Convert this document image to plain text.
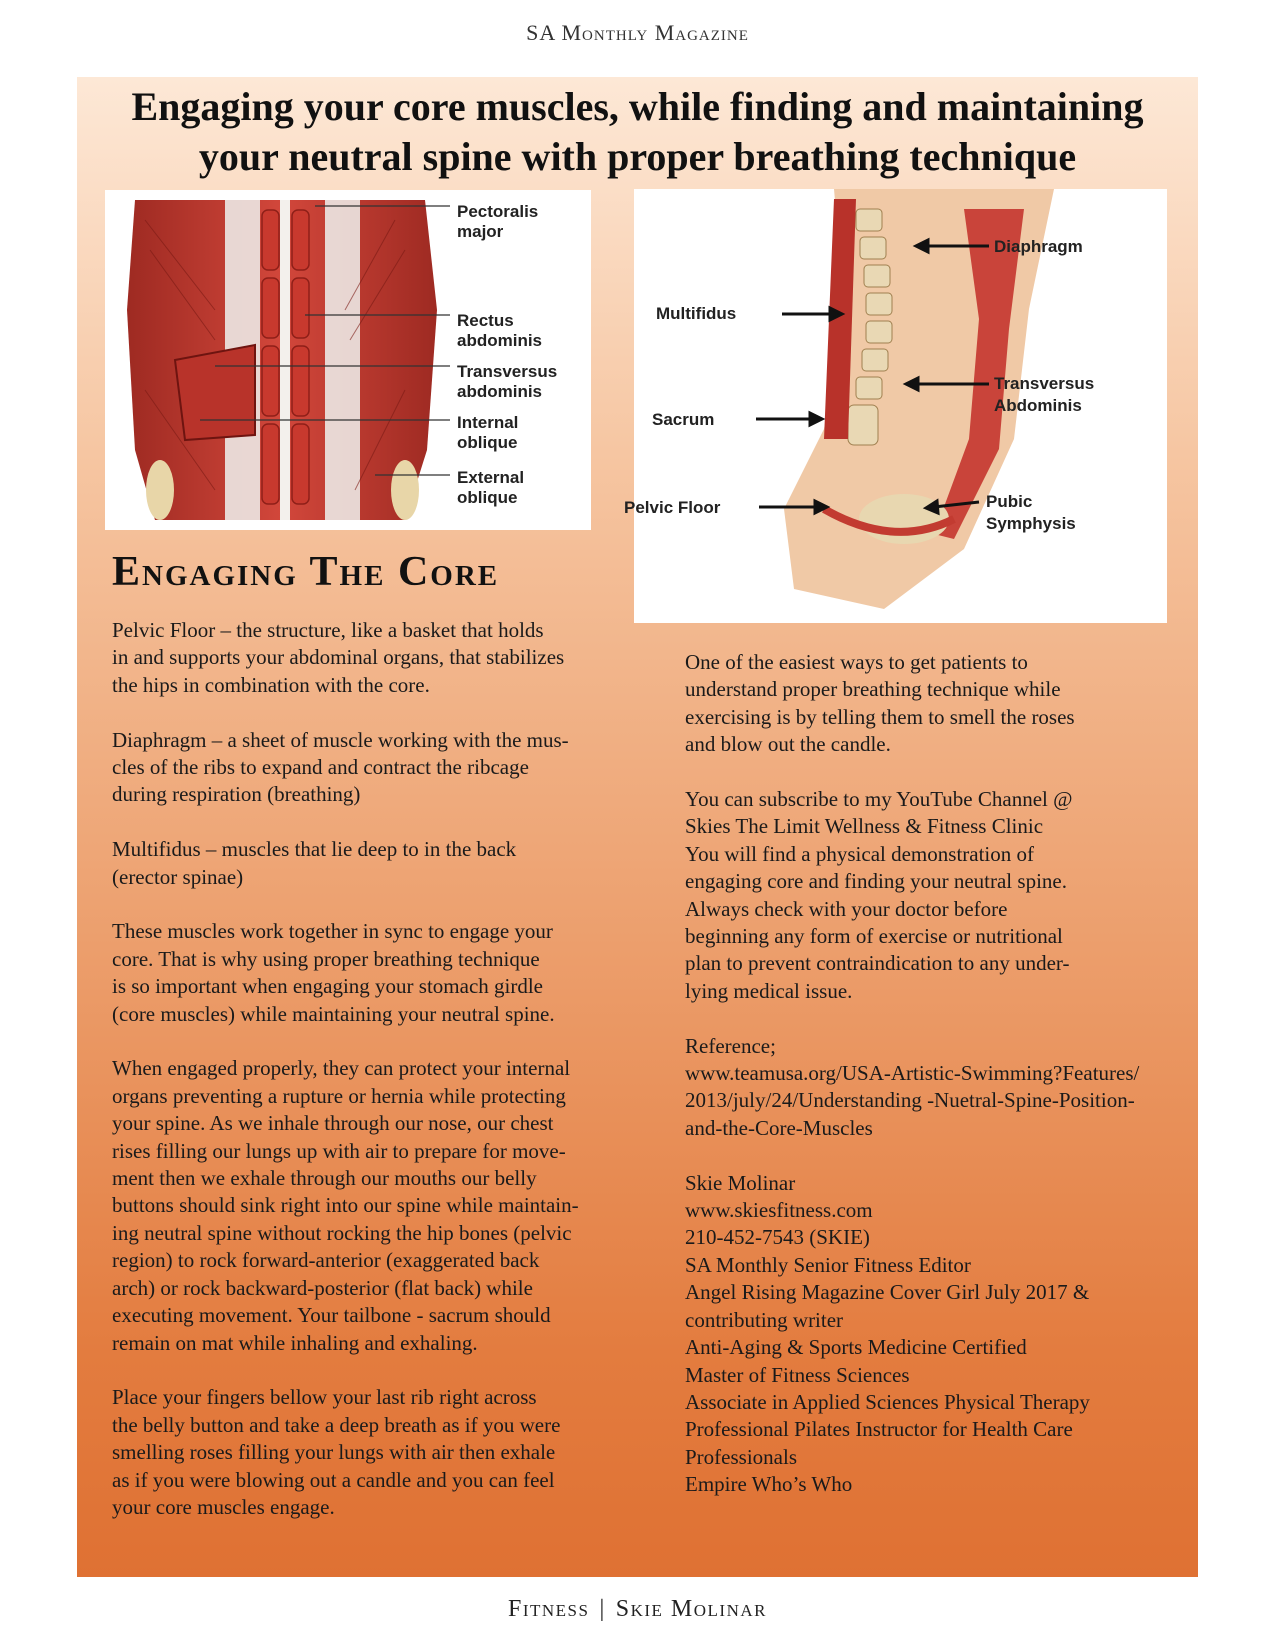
SA Monthly Magazine
Engaging your core muscles, while finding and maintaining
your neutral spine with proper breathing technique
Pectoralis major
Rectus abdominis
Transversus abdominis
Internal oblique
External oblique
Diaphragm
Multifidus
Transversus Abdominis
Sacrum
Pelvic Floor	Pubic Symphysis
Engaging The Core

Pelvic Floor – the structure, like a basket that holds
in and supports your abdominal organs, that stabilizes
the hips in combination with the core.

Diaphragm – a sheet of muscle working with the mus-
cles of the ribs to expand and contract the ribcage
during respiration (breathing)

Multifidus – muscles that lie deep to in the back
(erector spinae)

These muscles work together in sync to engage your
core. That is why using proper breathing technique
is so important when engaging your stomach girdle
(core muscles) while maintaining your neutral spine.

When engaged properly, they can protect your internal
organs preventing a rupture or hernia while protecting
your spine. As we inhale through our nose, our chest
rises filling our lungs up with air to prepare for move-
ment then we exhale through our mouths our belly
buttons should sink right into our spine while maintain-
ing neutral spine without rocking the hip bones (pelvic
region) to rock forward-anterior (exaggerated back
arch) or rock backward-posterior (flat back) while
executing movement. Your tailbone - sacrum should
remain on mat while inhaling and exhaling.

Place your fingers bellow your last rib right across
the belly button and take a deep breath as if you were
smelling roses filling your lungs with air then exhale
as if you were blowing out a candle and you can feel
your core muscles engage.

One of the easiest ways to get patients to
understand proper breathing technique while
exercising is by telling them to smell the roses
and blow out the candle.

You can subscribe to my YouTube Channel @
Skies The Limit Wellness & Fitness Clinic
You will find a physical demonstration of
engaging core and finding your neutral spine.
Always check with your doctor before
beginning any form of exercise or nutritional
plan to prevent contraindication to any under-
lying medical issue.

Reference;
www.teamusa.org/USA-Artistic-Swimming?Features/
2013/july/24/Understanding -Nuetral-Spine-Position-
and-the-Core-Muscles

Skie Molinar
www.skiesfitness.com
210-452-7543 (SKIE)
SA Monthly Senior Fitness Editor
Angel Rising Magazine Cover Girl July 2017 &
contributing writer
Anti-Aging & Sports Medicine Certified
Master of Fitness Sciences
Associate in Applied Sciences Physical Therapy
Professional Pilates Instructor for Health Care
Professionals
Empire Who’s Who

Fitness | Skie Molinar
